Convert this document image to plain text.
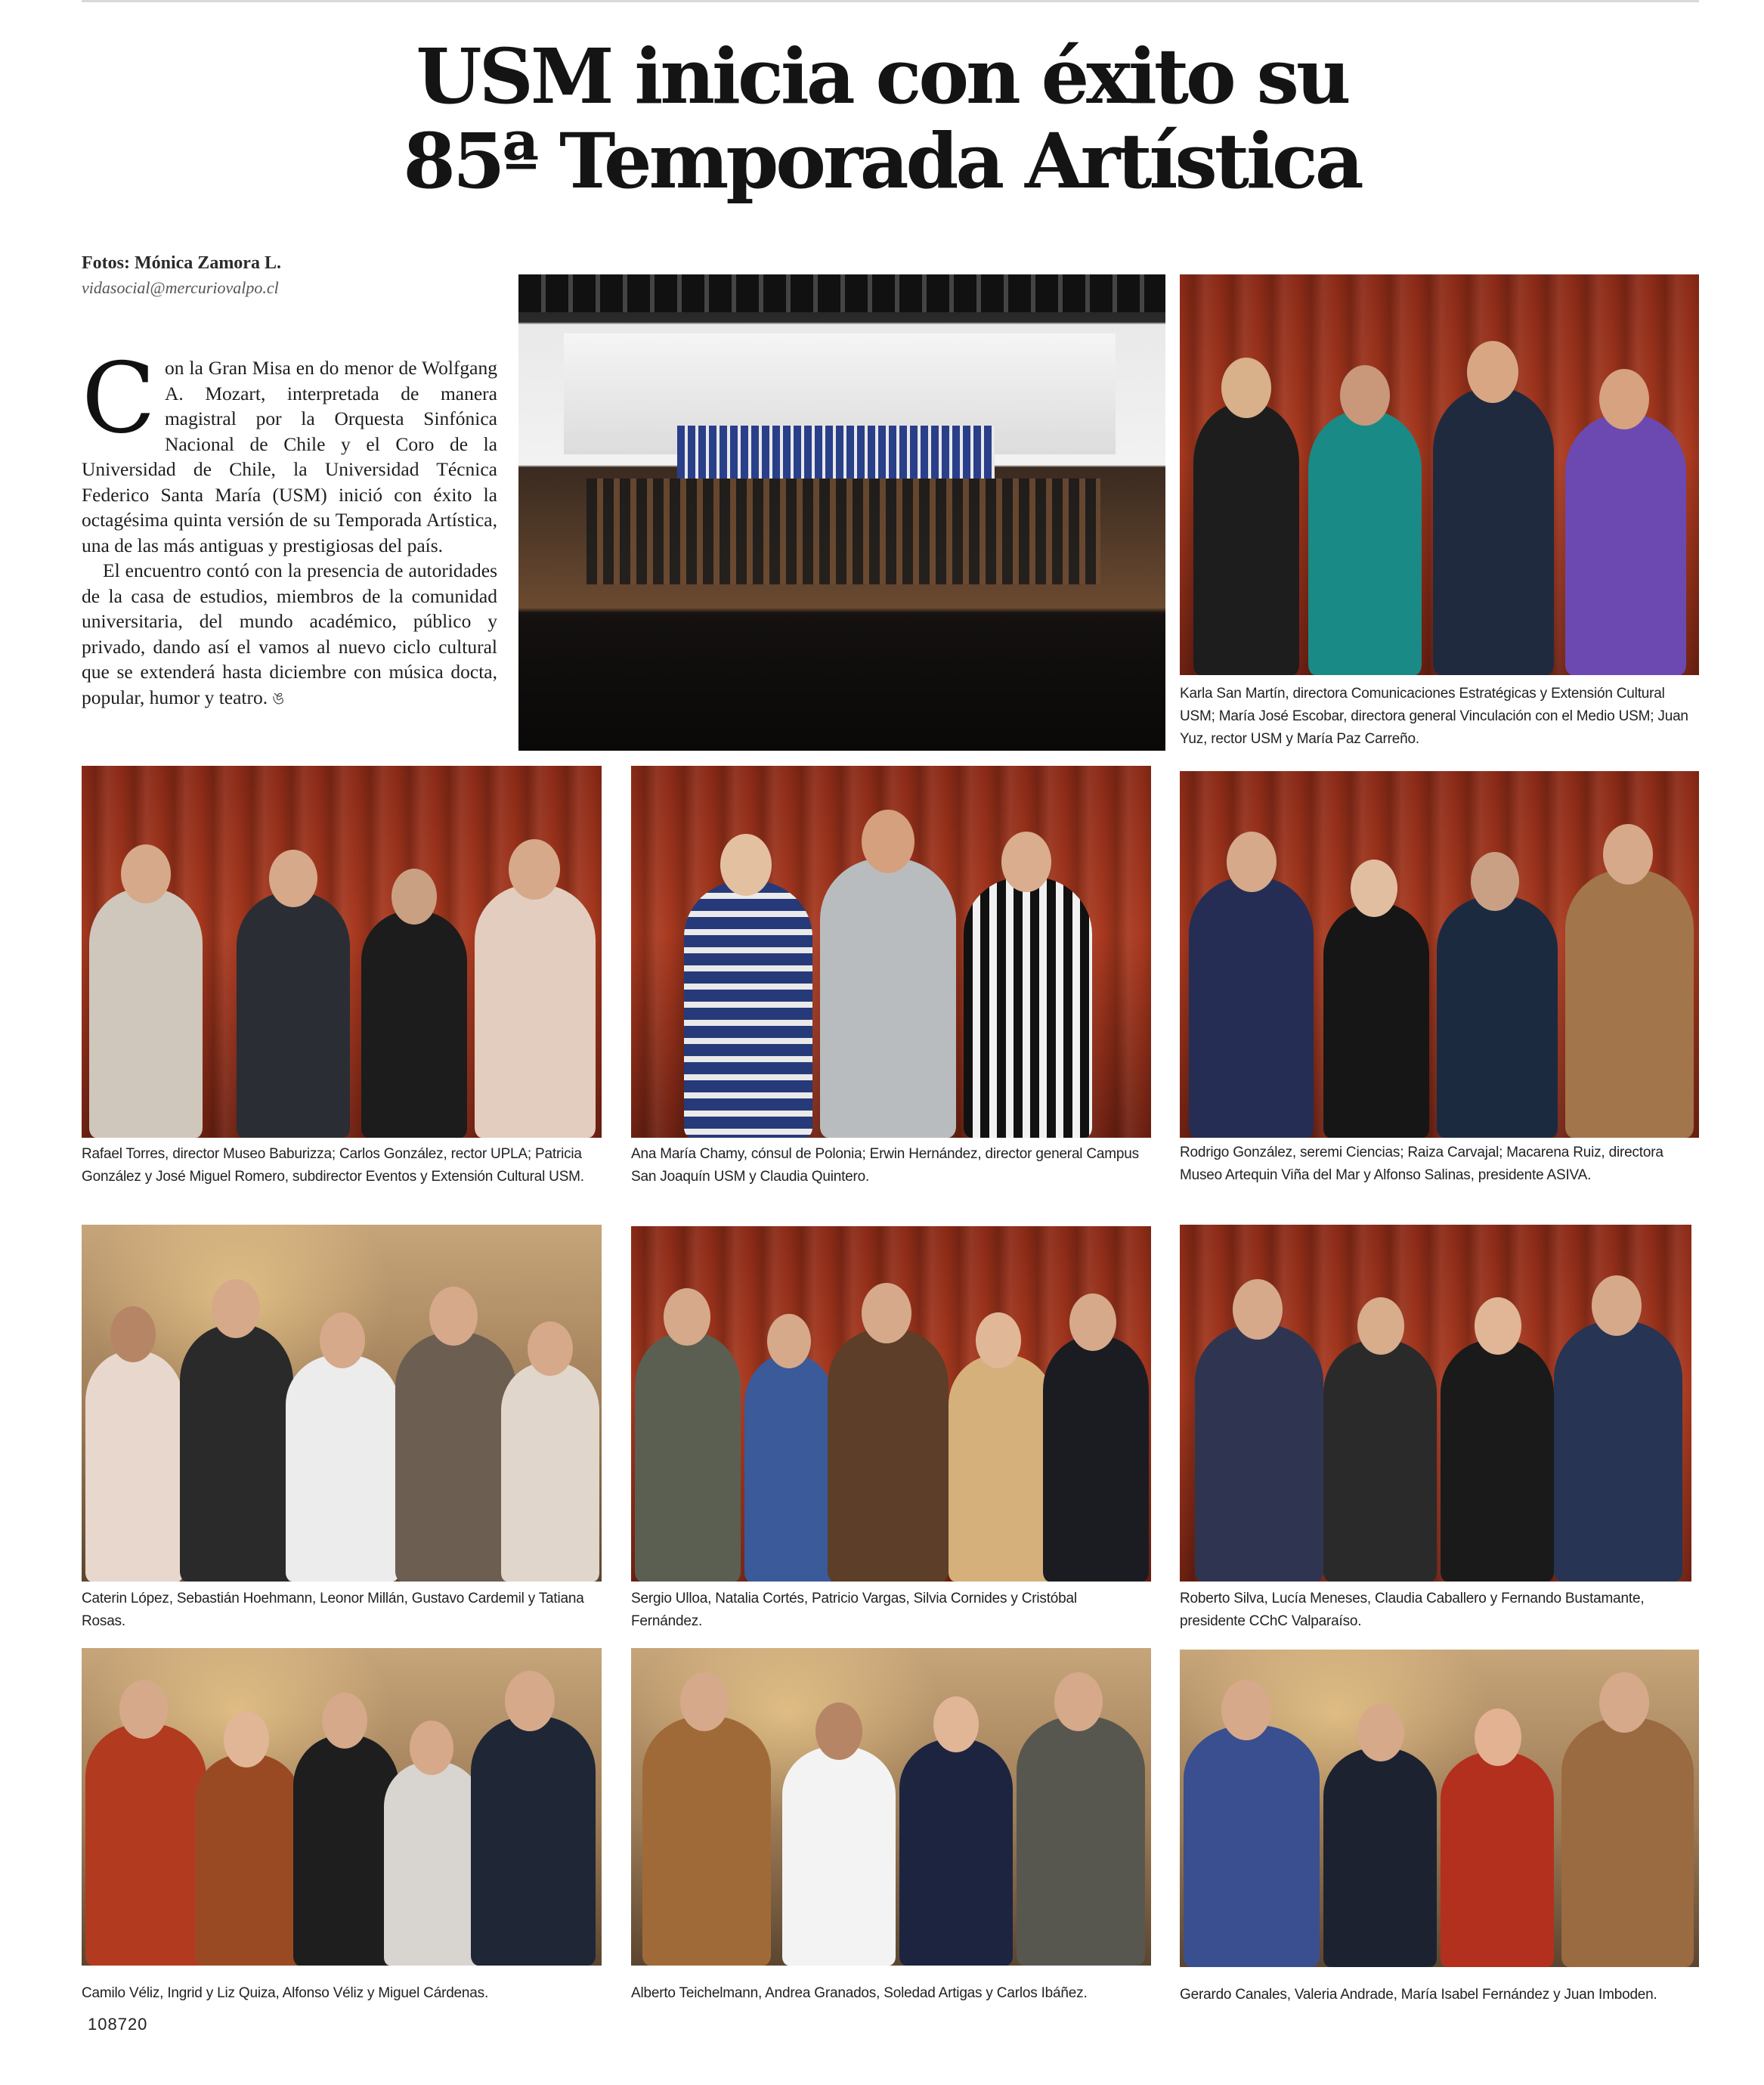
USM inicia con éxito su
85ª Temporada Artística
Fotos: Mónica Zamora L.
vidasocial@mercuriovalpo.cl

Con la Gran Misa en do menor de Wolfgang A. Mozart, interpretada de manera magistral por la Orquesta Sinfónica Nacional de Chile y el Coro de la Universidad de Chile, la Universidad Técnica Federico Santa María (USM) inició con éxito la octagésima quinta versión de su Temporada Artística, una de las más antiguas y prestigiosas del país.

El encuentro contó con la presencia de autoridades de la casa de estudios, miembros de la comunidad universitaria, del mundo académico, público y privado, dando así el vamos al nuevo ciclo cultural que se extenderá hasta diciembre con música docta, popular, humor y teatro. ঙ	Karla San Martín, directora Comunicaciones Estratégicas y Extensión Cultural USM; María José Escobar, directora general Vinculación con el Medio USM; Juan Yuz, rector USM y María Paz Carreño.
Rafael Torres, director Museo Baburizza; Carlos González, rector UPLA; Patricia González y José Miguel Romero, subdirector Eventos y Extensión Cultural USM.
Ana María Chamy, cónsul de Polonia; Erwin Hernández, director general Campus San Joaquín USM y Claudia Quintero.
Rodrigo González, seremi Ciencias; Raiza Carvajal; Macarena Ruiz, directora Museo Artequin Viña del Mar y Alfonso Salinas, presidente ASIVA.
Caterin López, Sebastián Hoehmann, Leonor Millán, Gustavo Cardemil y Tatiana Rosas.
Sergio Ulloa, Natalia Cortés, Patricio Vargas, Silvia Cornides y Cristóbal Fernández.
Roberto Silva, Lucía Meneses, Claudia Caballero y Fernando Bustamante, presidente CChC Valparaíso.
Camilo Véliz, Ingrid y Liz Quiza, Alfonso Véliz y Miguel Cárdenas.	Alberto Teichelmann, Andrea Granados, Soledad Artigas y Carlos Ibáñez.	Gerardo Canales, Valeria Andrade, María Isabel Fernández y Juan Imboden.
108720
